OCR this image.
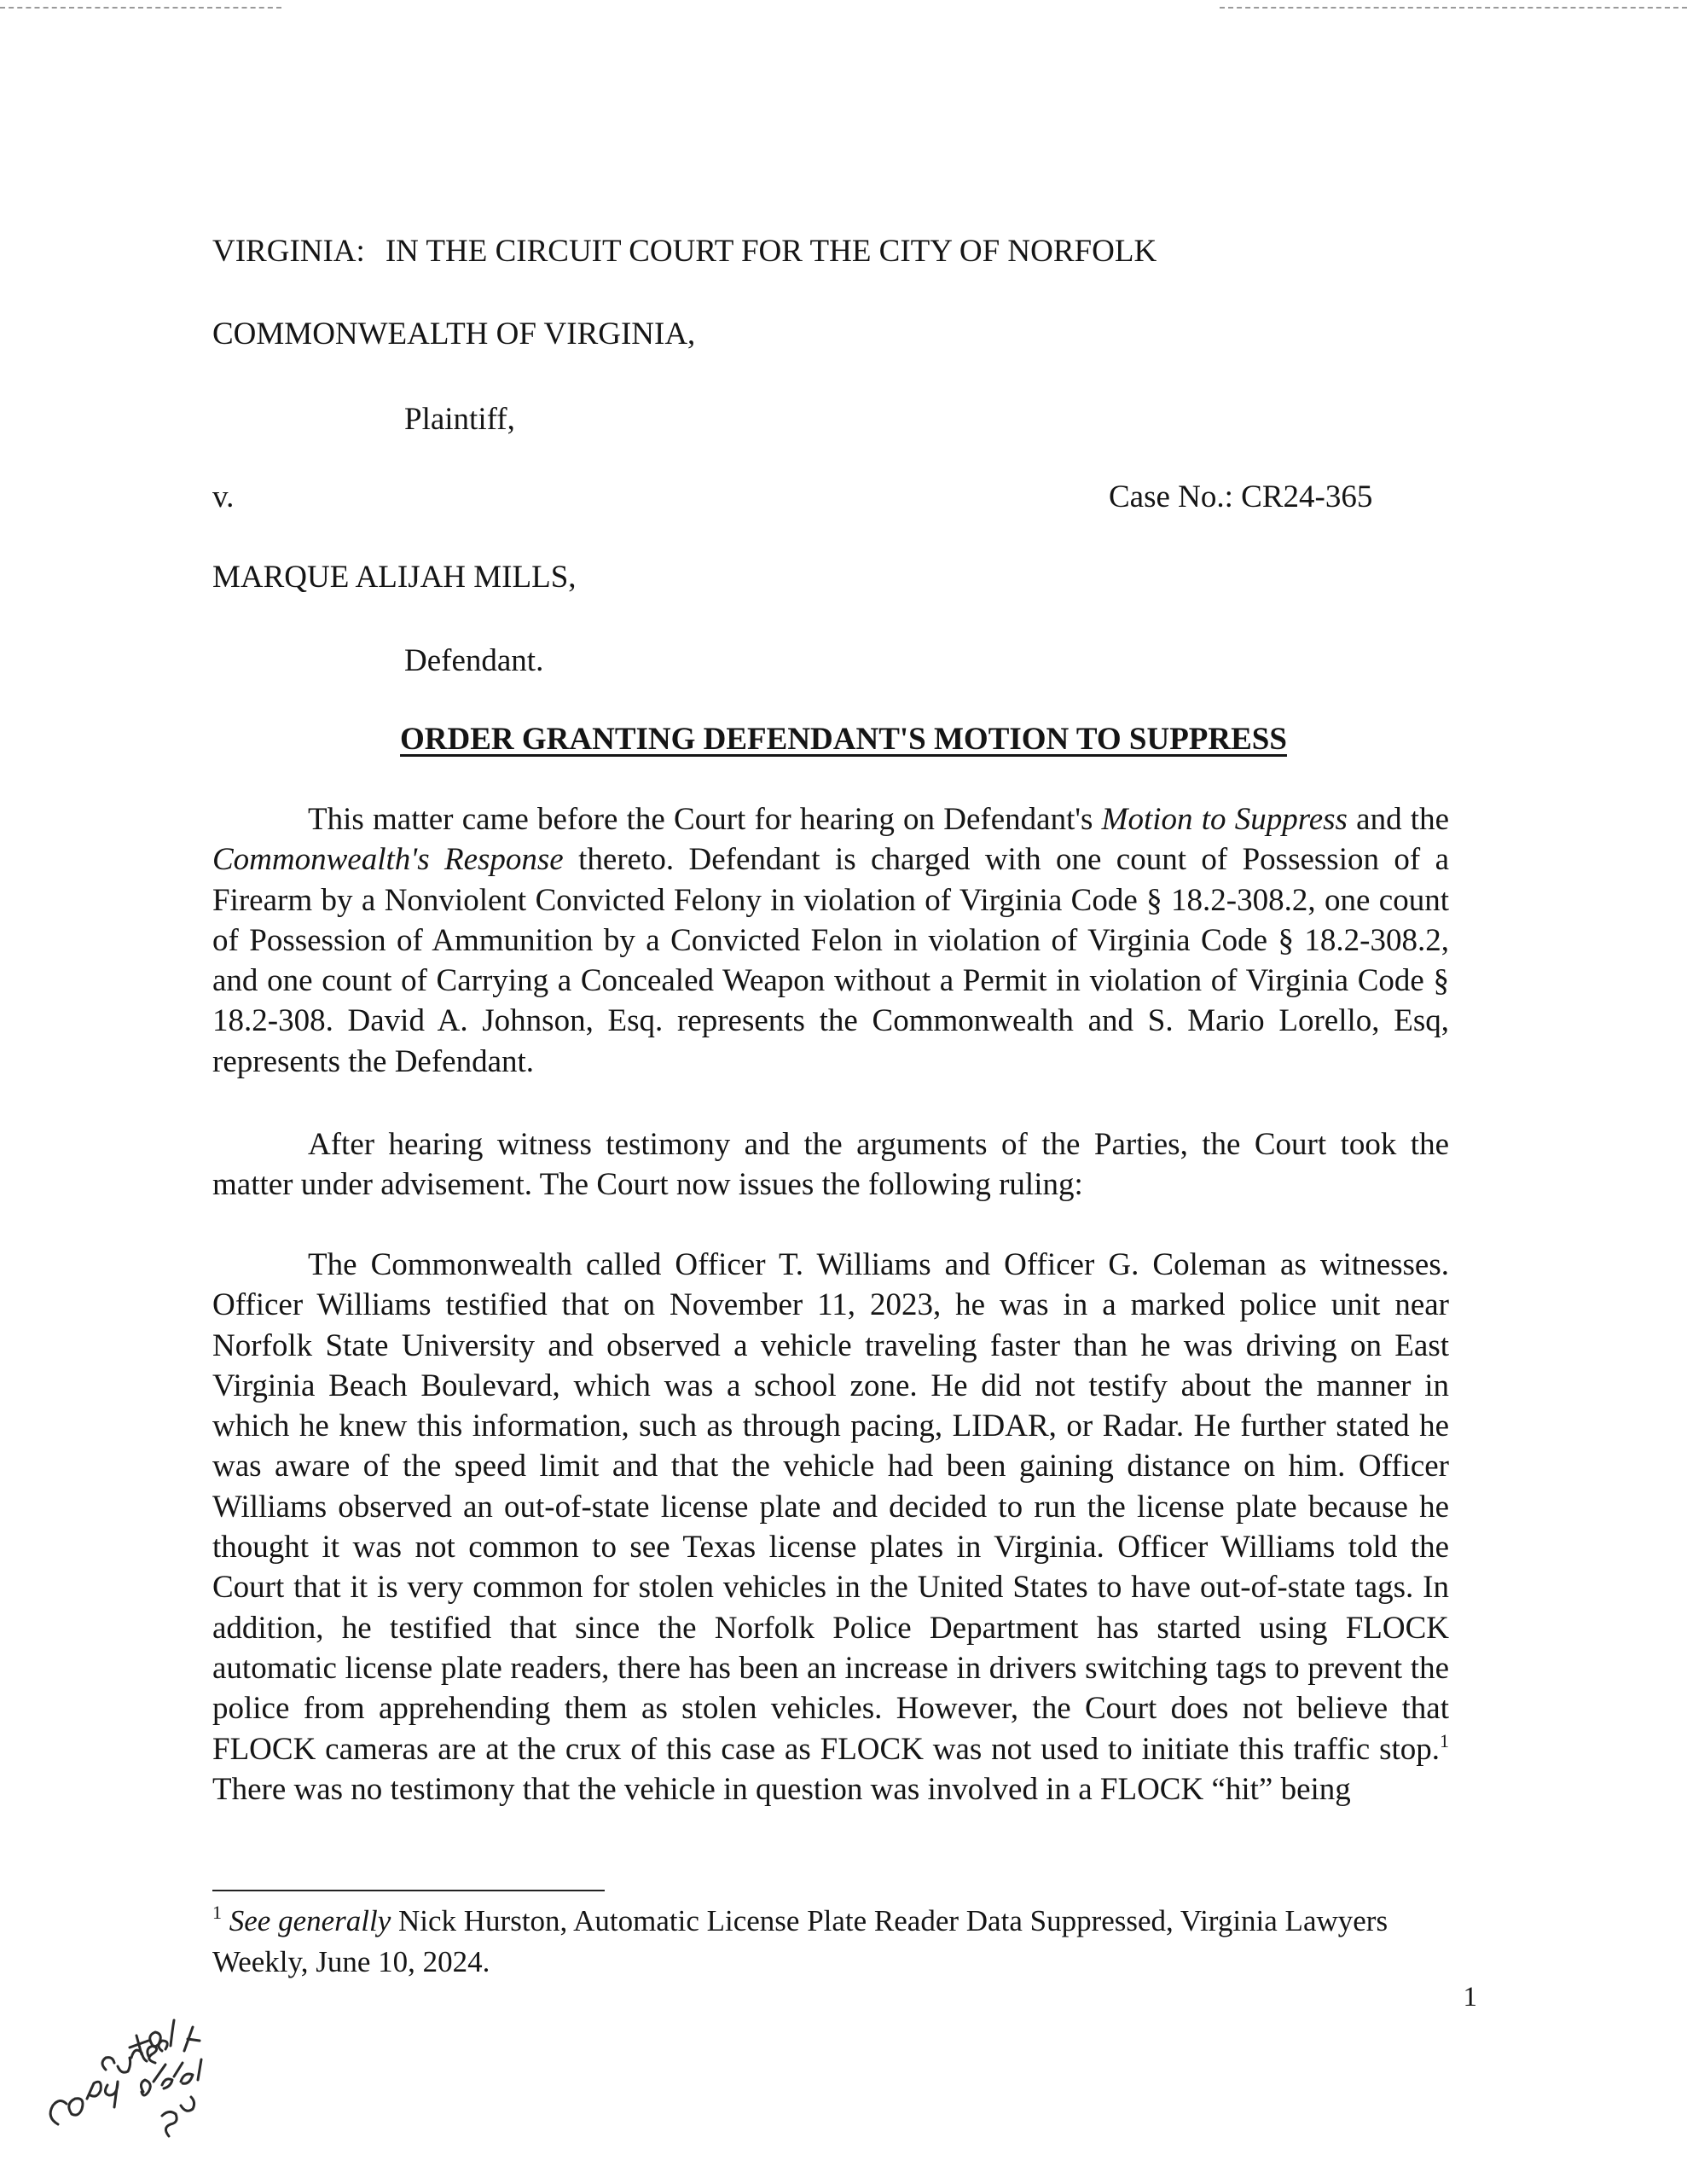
VIRGINIA: IN THE CIRCUIT COURT FOR THE CITY OF NORFOLK
COMMONWEALTH OF VIRGINIA,
Plaintiff,
v.	Case No.: CR24-365
MARQUE ALIJAH MILLS,
Defendant.
ORDER GRANTING DEFENDANT'S MOTION TO SUPPRESS

This matter came before the Court for hearing on Defendant's Motion to Suppress and the Commonwealth's Response thereto. Defendant is charged with one count of Possession of a Firearm by a Nonviolent Convicted Felony in violation of Virginia Code § 18.2-308.2, one count of Possession of Ammunition by a Convicted Felon in violation of Virginia Code § 18.2-308.2, and one count of Carrying a Concealed Weapon without a Permit in violation of Virginia Code § 18.2-308. David A. Johnson, Esq. represents the Commonwealth and S. Mario Lorello, Esq, represents the Defendant.

After hearing witness testimony and the arguments of the Parties, the Court took the matter under advisement. The Court now issues the following ruling:

The Commonwealth called Officer T. Williams and Officer G. Coleman as witnesses. Officer Williams testified that on November 11, 2023, he was in a marked police unit near Norfolk State University and observed a vehicle traveling faster than he was driving on East Virginia Beach Boulevard, which was a school zone. He did not testify about the manner in which he knew this information, such as through pacing, LIDAR, or Radar. He further stated he was aware of the speed limit and that the vehicle had been gaining distance on him. Officer Williams observed an out-of-state license plate and decided to run the license plate because he thought it was not common to see Texas license plates in Virginia. Officer Williams told the Court that it is very common for stolen vehicles in the United States to have out-of-state tags. In addition, he testified that since the Norfolk Police Department has started using FLOCK automatic license plate readers, there has been an increase in drivers switching tags to prevent the police from apprehending them as stolen vehicles. However, the Court does not believe that FLOCK cameras are at the crux of this case as FLOCK was not used to initiate this traffic stop.$^1$ There was no testimony that the vehicle in question was involved in a FLOCK “hit” being

$^1$ See generally Nick Hurston, Automatic License Plate Reader Data Suppressed, Virginia Lawyers Weekly, June 10, 2024.

1
